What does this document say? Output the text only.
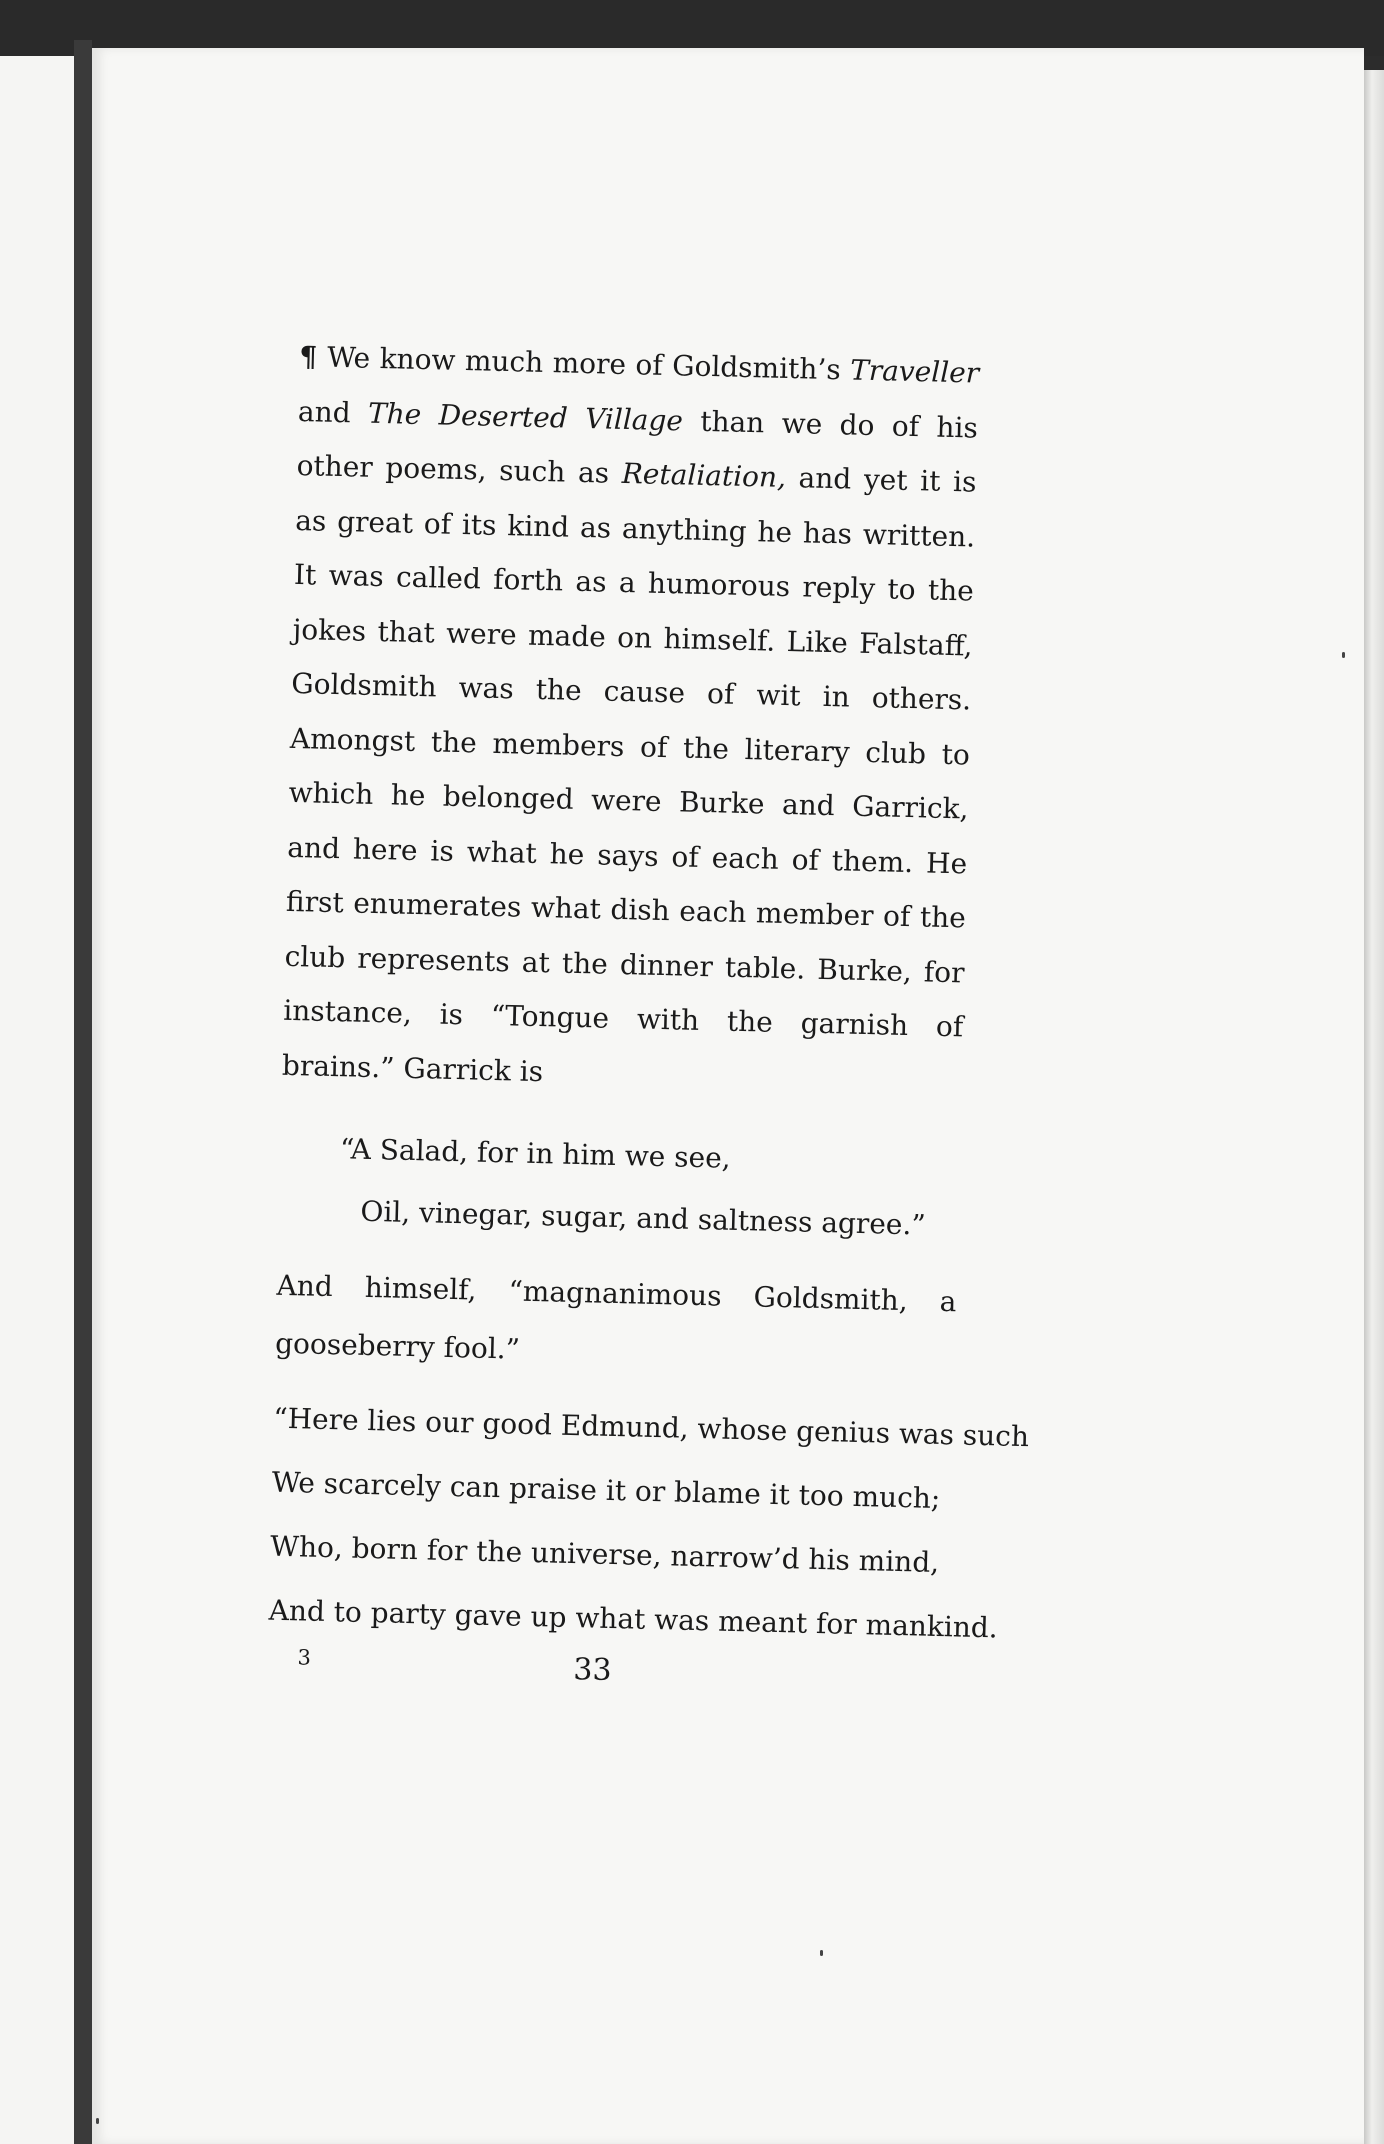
¶ We know much more of Goldsmith’s Traveller and The Deserted Village than we do of his other poems, such as Retaliation, and yet it is as great of its kind as anything he has written. It was called forth as a humorous reply to the jokes that were made on himself. Like Falstaff, Goldsmith was the cause of wit in others. Amongst the members of the literary club to which he belonged were Burke and Garrick, and here is what he says of each of them. He first enumerates what dish each member of the club represents at the dinner table. Burke, for instance, is “Tongue with the garnish of brains.” Garrick is

“A Salad, for in him we see,
Oil, vinegar, sugar, and saltness agree.”

And himself, “magnanimous Goldsmith, a gooseberry fool.”

“Here lies our good Edmund, whose genius was such
We scarcely can praise it or blame it too much;
Who, born for the universe, narrow’d his mind,
And to party gave up what was meant for mankind.
3	33
